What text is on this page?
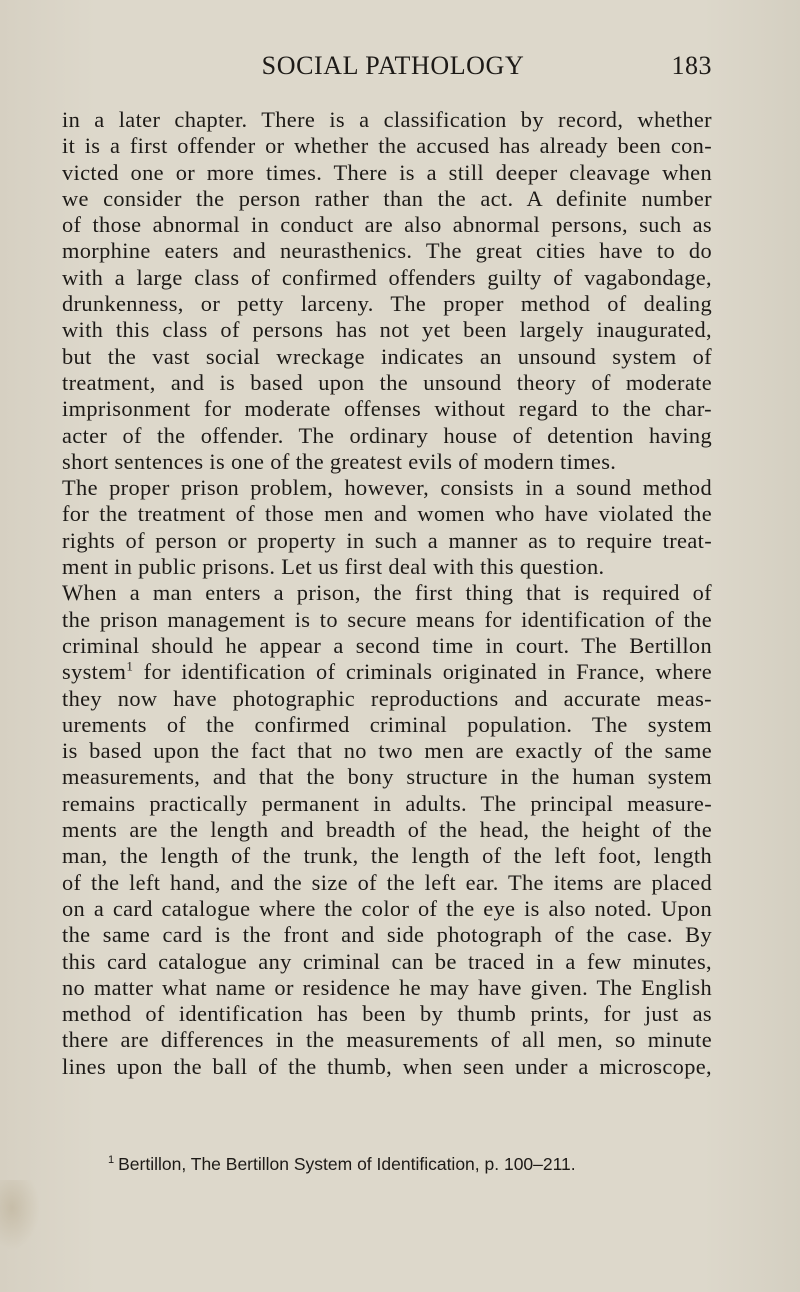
SOCIAL PATHOLOGY	183
in a later chapter. There is a classification by record, whether
it is a first offender or whether the accused has already been con-
victed one or more times. There is a still deeper cleavage when
we consider the person rather than the act. A definite number
of those abnormal in conduct are also abnormal persons, such as
morphine eaters and neurasthenics. The great cities have to do
with a large class of confirmed offenders guilty of vagabondage,
drunkenness, or petty larceny. The proper method of dealing
with this class of persons has not yet been largely inaugurated,
but the vast social wreckage indicates an unsound system of
treatment, and is based upon the unsound theory of moderate
imprisonment for moderate offenses without regard to the char-
acter of the offender. The ordinary house of detention having
short sentences is one of the greatest evils of modern times.
The proper prison problem, however, consists in a sound method
for the treatment of those men and women who have violated the
rights of person or property in such a manner as to require treat-
ment in public prisons. Let us first deal with this question.
When a man enters a prison, the first thing that is required of
the prison management is to secure means for identification of the
criminal should he appear a second time in court. The Bertillon
system$^1$ for identification of criminals originated in France, where
they now have photographic reproductions and accurate meas-
urements of the confirmed criminal population. The system
is based upon the fact that no two men are exactly of the same
measurements, and that the bony structure in the human system
remains practically permanent in adults. The principal measure-
ments are the length and breadth of the head, the height of the
man, the length of the trunk, the length of the left foot, length
of the left hand, and the size of the left ear. The items are placed
on a card catalogue where the color of the eye is also noted. Upon
the same card is the front and side photograph of the case. By
this card catalogue any criminal can be traced in a few minutes,
no matter what name or residence he may have given. The English
method of identification has been by thumb prints, for just as
there are differences in the measurements of all men, so minute
lines upon the ball of the thumb, when seen under a microscope,
$^1$ Bertillon, The Bertillon System of Identification, p. 100–211.
